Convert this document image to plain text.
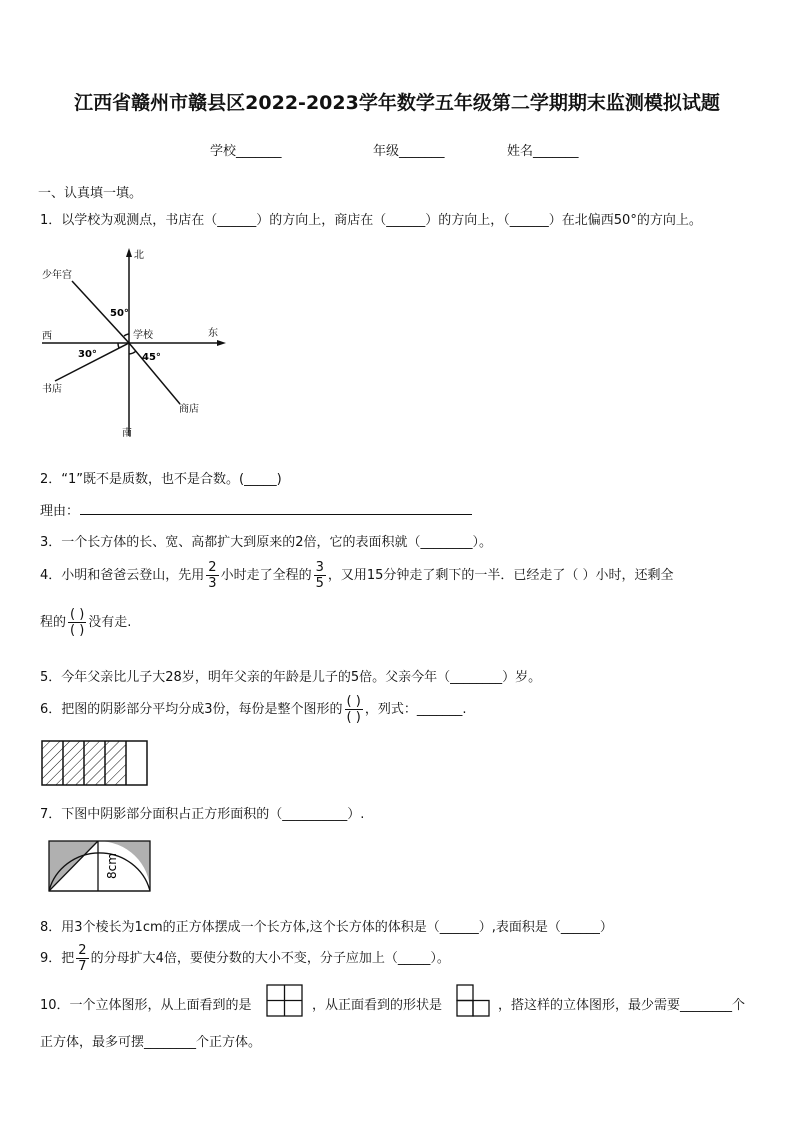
江西省赣州市赣县区2022-2023学年数学五年级第二学期期末监测模拟试题
学校_______	年级_______	姓名_______
一、认真填一填。
1．以学校为观测点，书店在（______）的方向上，商店在（______）的方向上，（______）在北偏西50°的方向上。
北
南
东
西	学校
少年宫
书店
商店
50°
30°	45°
2．“1”既不是质数，也不是合数。(_____)
理由：
3．一个长方体的长、宽、高都扩大到原来的2倍，它的表面积就（________）。
4．小明和爸爸云登山，先用 $\frac{2}{3}$ 小时走了全程的 $\frac{3}{5}$ ，又用15分钟走了剩下的一半．已经走了（ ）小时，还剩全
程的 $\frac{( )}{( )}$ 没有走.
5．今年父亲比儿子大28岁，明年父亲的年龄是儿子的5倍。父亲今年（________）岁。
6．把图的阴影部分平均分成3份，每份是整个图形的 $\frac{( )}{( )}$ ，列式：_______.
7．下图中阴影部分面积占正方形面积的（__________）.
8cm
8．用3个棱长为1cm的正方体摆成一个长方体,这个长方体的体积是（______）,表面积是（______）
9．把 $\frac{2}{7}$ 的分母扩大4倍，要使分数的大小不变，分子应加上（_____）。
10．一个立体图形，从上面看到的是	，从正面看到的形状是	，搭这样的立体图形，最少需要________个
正方体，最多可摆________个正方体。
